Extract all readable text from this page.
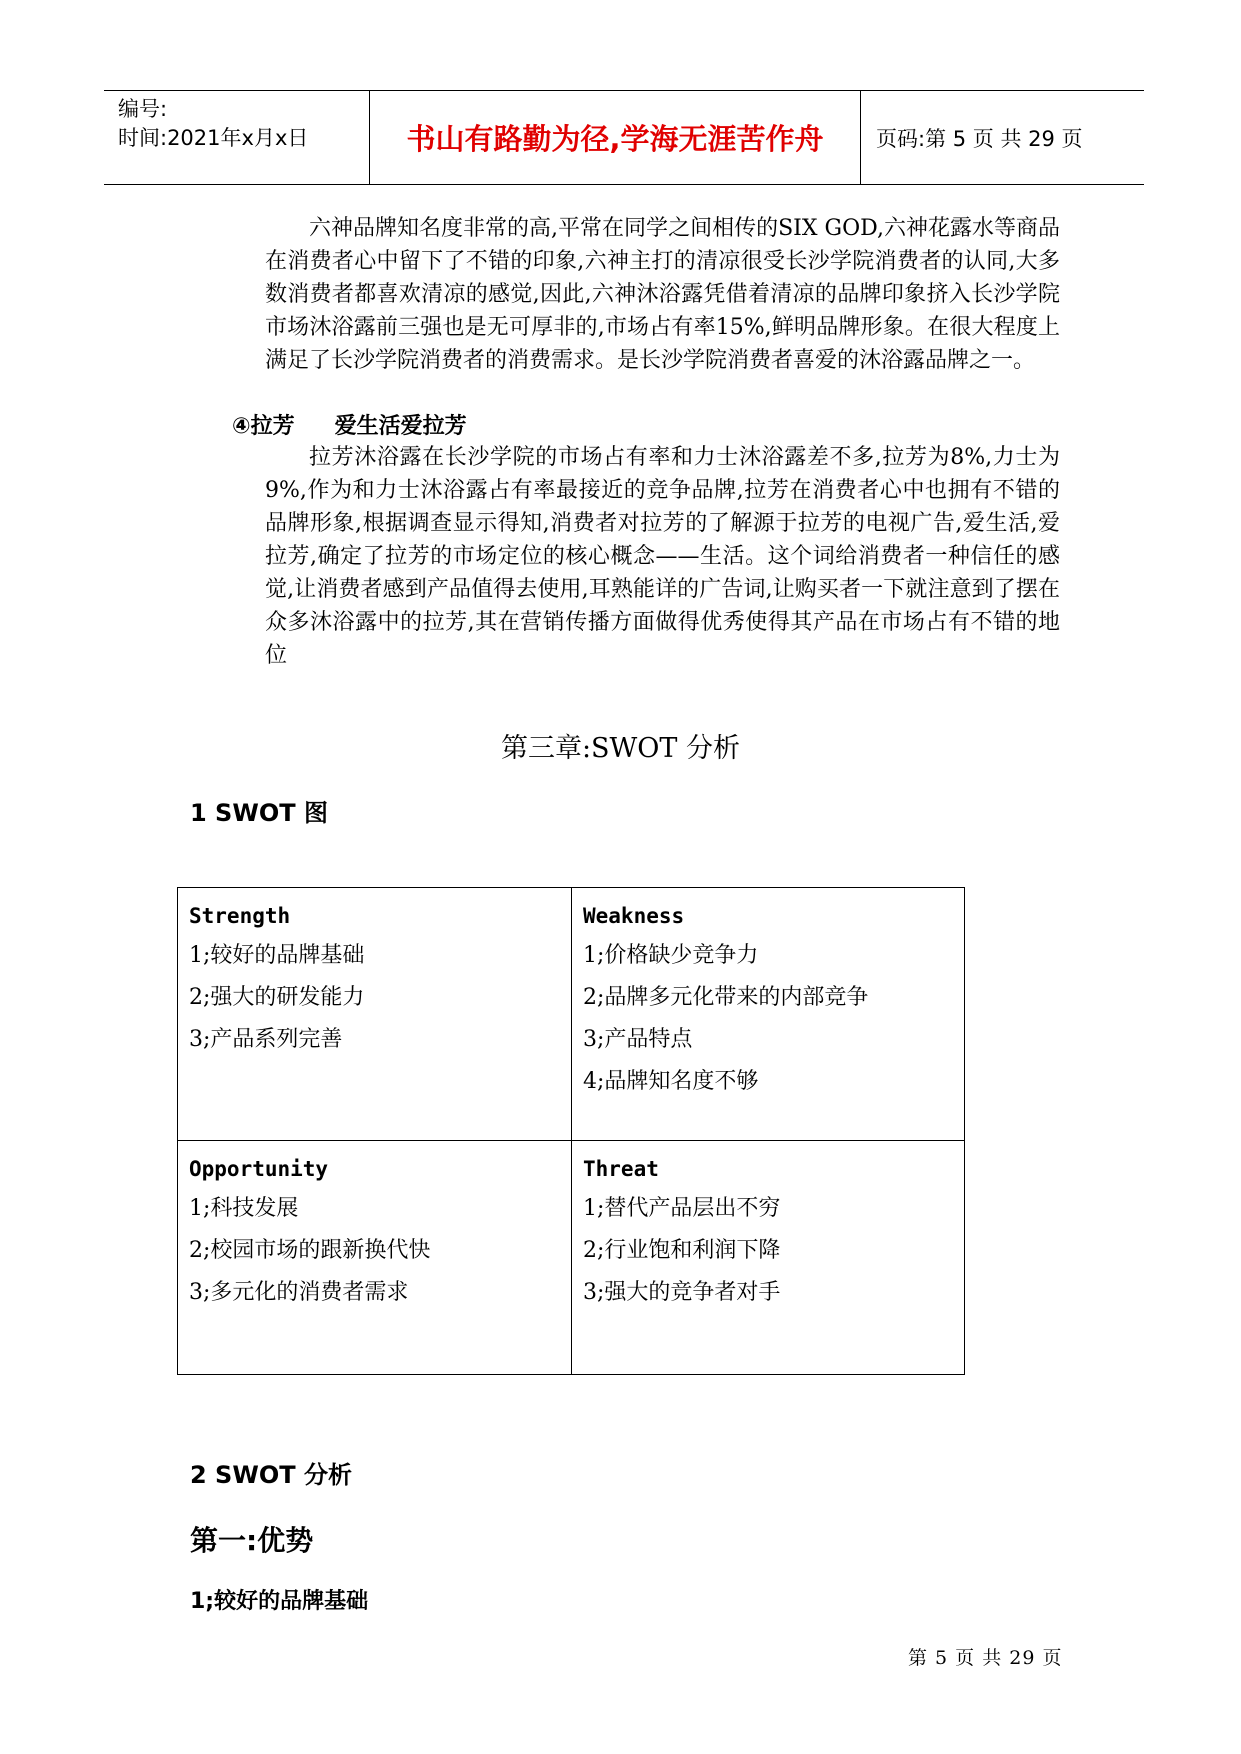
编号:
时间:2021年x月x日	书山有路勤为径,学海无涯苦作舟	页码:第 5 页 共 29 页

六神品牌知名度非常的高,平常在同学之间相传的SIX GOD,六神花露水等商品在消费者心中留下了不错的印象,六神主打的清凉很受长沙学院消费者的认同,大多数消费者都喜欢清凉的感觉,因此,六神沐浴露凭借着清凉的品牌印象挤入长沙学院市场沐浴露前三强也是无可厚非的,市场占有率15%,鲜明品牌形象。在很大程度上满足了长沙学院消费者的消费需求。是长沙学院消费者喜爱的沐浴露品牌之一。

④拉芳 爱生活爱拉芳

拉芳沐浴露在长沙学院的市场占有率和力士沐浴露差不多,拉芳为8%,力士为9%,作为和力士沐浴露占有率最接近的竞争品牌,拉芳在消费者心中也拥有不错的品牌形象,根据调查显示得知,消费者对拉芳的了解源于拉芳的电视广告,爱生活,爱拉芳,确定了拉芳的市场定位的核心概念——生活。这个词给消费者一种信任的感觉,让消费者感到产品值得去使用,耳熟能详的广告词,让购买者一下就注意到了摆在众多沐浴露中的拉芳,其在营销传播方面做得优秀使得其产品在市场占有不错的地位

第三章:SWOT 分析
1 SWOT 图
Strength
1;较好的品牌基础
2;强大的研发能力
3;产品系列完善
Weakness
1;价格缺少竞争力
2;品牌多元化带来的内部竞争
3;产品特点
4;品牌知名度不够
Opportunity
1;科技发展
2;校园市场的跟新换代快
3;多元化的消费者需求
Threat
1;替代产品层出不穷
2;行业饱和利润下降
3;强大的竞争者对手
2 SWOT 分析
第一:优势
1;较好的品牌基础
第 5 页 共 29 页
